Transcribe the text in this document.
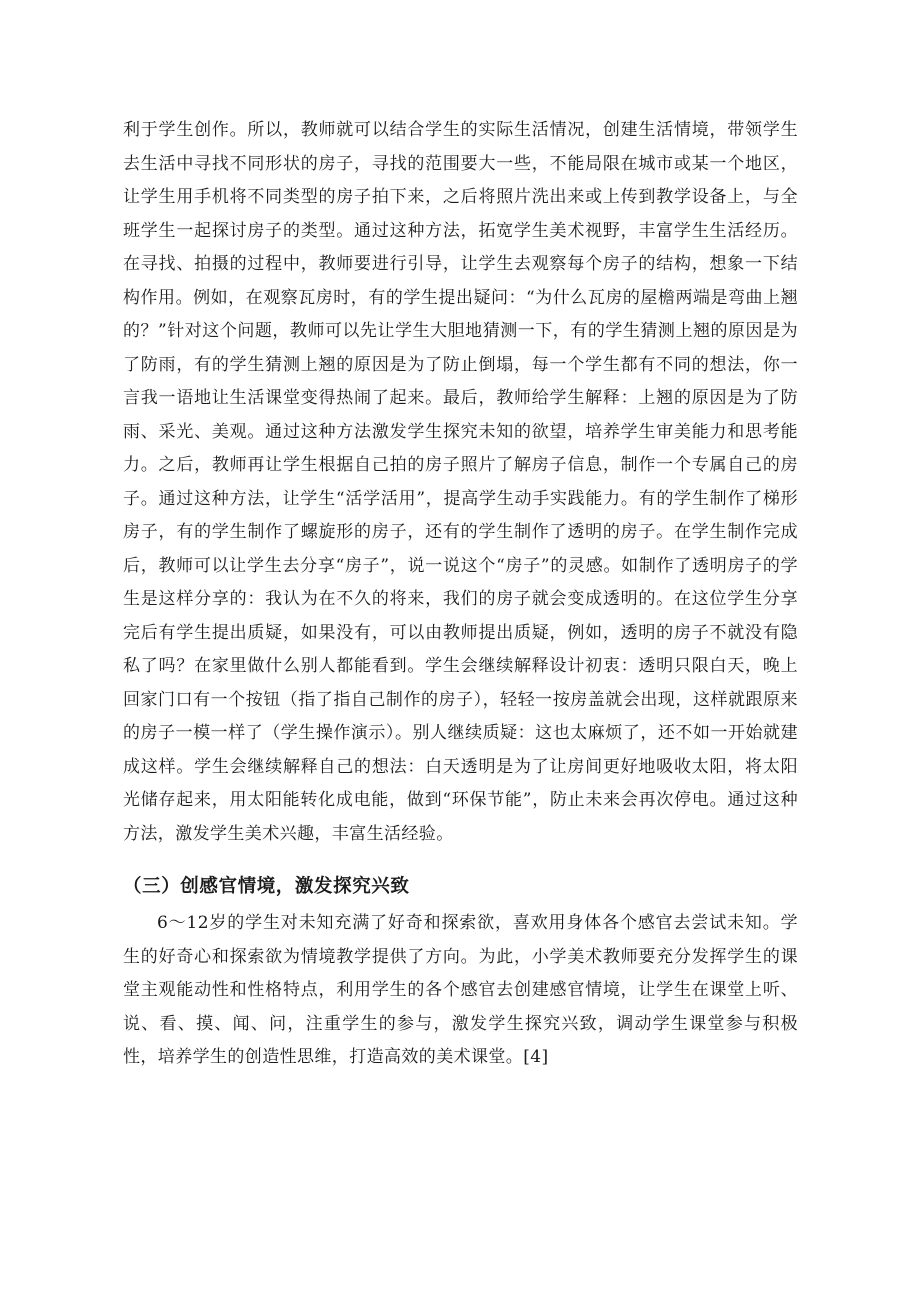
利于学生创作。所以，教师就可以结合学生的实际生活情况，创建生活情境，带领学生去生活中寻找不同形状的房子，寻找的范围要大一些，不能局限在城市或某一个地区，让学生用手机将不同类型的房子拍下来，之后将照片洗出来或上传到教学设备上，与全班学生一起探讨房子的类型。通过这种方法，拓宽学生美术视野，丰富学生生活经历。在寻找、拍摄的过程中，教师要进行引导，让学生去观察每个房子的结构，想象一下结构作用。例如，在观察瓦房时，有的学生提出疑问：“为什么瓦房的屋檐两端是弯曲上翘的？”针对这个问题，教师可以先让学生大胆地猜测一下，有的学生猜测上翘的原因是为了防雨，有的学生猜测上翘的原因是为了防止倒塌，每一个学生都有不同的想法，你一言我一语地让生活课堂变得热闹了起来。最后，教师给学生解释：上翘的原因是为了防雨、采光、美观。通过这种方法激发学生探究未知的欲望，培养学生审美能力和思考能力。之后，教师再让学生根据自己拍的房子照片了解房子信息，制作一个专属自己的房子。通过这种方法，让学生“活学活用”，提高学生动手实践能力。有的学生制作了梯形房子，有的学生制作了螺旋形的房子，还有的学生制作了透明的房子。在学生制作完成后，教师可以让学生去分享“房子”，说一说这个“房子”的灵感。如制作了透明房子的学生是这样分享的：我认为在不久的将来，我们的房子就会变成透明的。在这位学生分享完后有学生提出质疑，如果没有，可以由教师提出质疑，例如，透明的房子不就没有隐私了吗？在家里做什么别人都能看到。学生会继续解释设计初衷：透明只限白天，晚上回家门口有一个按钮（指了指自己制作的房子），轻轻一按房盖就会出现，这样就跟原来的房子一模一样了（学生操作演示）。别人继续质疑：这也太麻烦了，还不如一开始就建成这样。学生会继续解释自己的想法：白天透明是为了让房间更好地吸收太阳，将太阳光储存起来，用太阳能转化成电能，做到“环保节能”，防止未来会再次停电。通过这种方法，激发学生美术兴趣，丰富生活经验。

（三）创感官情境，激发探究兴致

6～12岁的学生对未知充满了好奇和探索欲，喜欢用身体各个感官去尝试未知。学生的好奇心和探索欲为情境教学提供了方向。为此，小学美术教师要充分发挥学生的课堂主观能动性和性格特点，利用学生的各个感官去创建感官情境，让学生在课堂上听、说、看、摸、闻、问，注重学生的参与，激发学生探究兴致，调动学生课堂参与积极性，培养学生的创造性思维，打造高效的美术课堂。[4]
